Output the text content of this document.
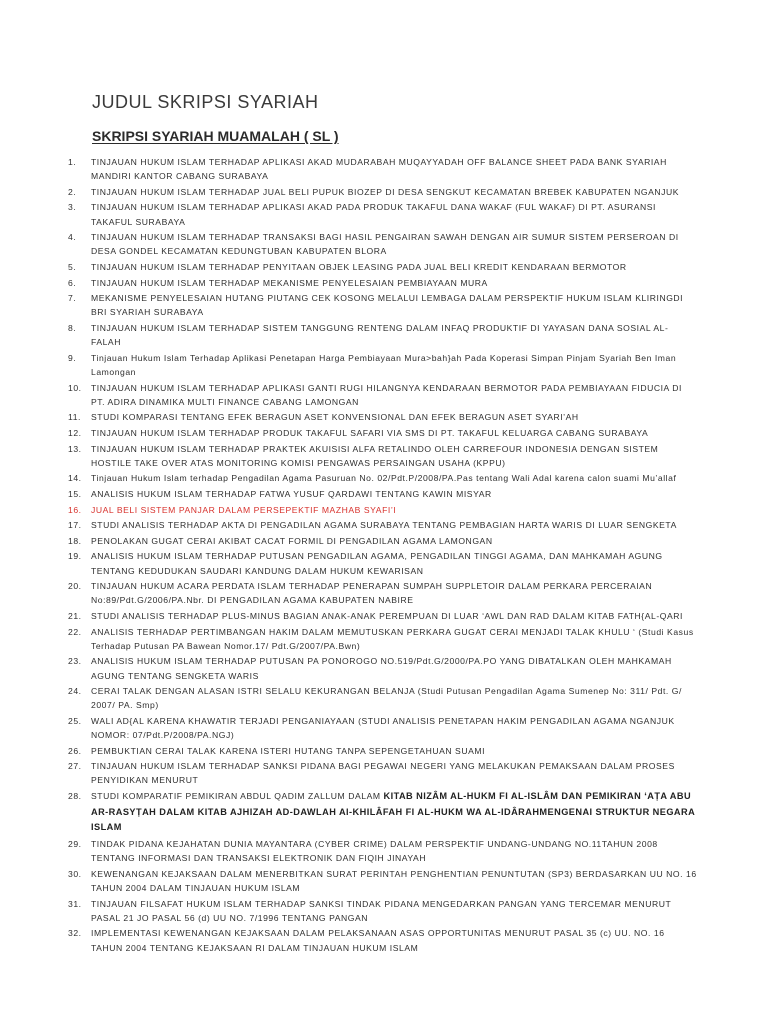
JUDUL SKRIPSI SYARIAH
SKRIPSI SYARIAH MUAMALAH ( SL )
1.	TINJAUAN HUKUM ISLAM TERHADAP APLIKASI AKAD MUDARABAH MUQAYYADAH OFF BALANCE SHEET PADA BANK SYARIAH MANDIRI KANTOR CABANG SURABAYA
2.	TINJAUAN HUKUM ISLAM TERHADAP JUAL BELI PUPUK BIOZEP DI DESA SENGKUT KECAMATAN BREBEK KABUPATEN NGANJUK
3.	TINJAUAN HUKUM ISLAM TERHADAP APLIKASI AKAD PADA PRODUK TAKAFUL DANA WAKAF (FUL WAKAF) DI PT. ASURANSI TAKAFUL SURABAYA
4.	TINJAUAN HUKUM ISLAM TERHADAP TRANSAKSI BAGI HASIL PENGAIRAN SAWAH DENGAN AIR SUMUR SISTEM PERSEROAN DI DESA GONDEL KECAMATAN KEDUNGTUBAN KABUPATEN BLORA
5.	TINJAUAN HUKUM ISLAM TERHADAP PENYITAAN OBJEK LEASING PADA JUAL BELI KREDIT KENDARAAN BERMOTOR
6.	TINJAUAN HUKUM ISLAM TERHADAP MEKANISME PENYELESAIAN PEMBIAYAAN MURA
7.	MEKANISME PENYELESAIAN HUTANG PIUTANG CEK KOSONG MELALUI LEMBAGA DALAM PERSPEKTIF HUKUM ISLAM KLIRINGDI BRI SYARIAH SURABAYA
8.	TINJAUAN HUKUM ISLAM TERHADAP SISTEM TANGGUNG RENTENG DALAM INFAQ PRODUKTIF DI YAYASAN DANA SOSIAL AL-FALAH
9.	Tinjauan Hukum Islam Terhadap Aplikasi Penetapan Harga Pembiayaan Mura>bah}ah Pada Koperasi Simpan Pinjam Syariah Ben Iman Lamongan
10.	TINJAUAN HUKUM ISLAM TERHADAP APLIKASI GANTI RUGI HILANGNYA KENDARAAN BERMOTOR PADA PEMBIAYAAN FIDUCIA DI PT. ADIRA DINAMIKA MULTI FINANCE CABANG LAMONGAN
11.	STUDI KOMPARASI TENTANG EFEK BERAGUN ASET KONVENSIONAL DAN EFEK BERAGUN ASET SYARI’AH
12.	TINJAUAN HUKUM ISLAM TERHADAP PRODUK TAKAFUL SAFARI VIA SMS DI PT. TAKAFUL KELUARGA CABANG SURABAYA
13.	TINJAUAN HUKUM ISLAM TERHADAP PRAKTEK AKUISISI ALFA RETALINDO OLEH CARREFOUR INDONESIA DENGAN SISTEM HOSTILE TAKE OVER ATAS MONITORING KOMISI PENGAWAS PERSAINGAN USAHA (KPPU)
14.	Tinjauan Hukum Islam terhadap Pengadilan Agama Pasuruan No. 02/Pdt.P/2008/PA.Pas tentang Wali Adal karena calon suami Mu’allaf
15.	ANALISIS HUKUM ISLAM TERHADAP FATWA YUSUF QARDAWI TENTANG KAWIN MISYAR
16.	JUAL BELI SISTEM PANJAR DALAM PERSEPEKTIF MAZHAB SYAFI’I
17.	STUDI ANALISIS TERHADAP AKTA DI PENGADILAN AGAMA SURABAYA TENTANG PEMBAGIAN HARTA WARIS DI LUAR SENGKETA
18.	PENOLAKAN GUGAT CERAI AKIBAT CACAT FORMIL DI PENGADILAN AGAMA LAMONGAN
19.	ANALISIS HUKUM ISLAM TERHADAP PUTUSAN PENGADILAN AGAMA, PENGADILAN TINGGI AGAMA, DAN MAHKAMAH AGUNG TENTANG KEDUDUKAN SAUDARI KANDUNG DALAM HUKUM KEWARISAN
20.	TINJAUAN HUKUM ACARA PERDATA ISLAM TERHADAP PENERAPAN SUMPAH SUPPLETOIR DALAM PERKARA PERCERAIAN No:89/Pdt.G/2006/PA.Nbr. DI PENGADILAN AGAMA KABUPATEN NABIRE
21.	STUDI ANALISIS TERHADAP PLUS-MINUS BAGIAN ANAK-ANAK PEREMPUAN DI LUAR ‘AWL DAN RAD DALAM KITAB FATH{AL-QARI
22.	ANALISIS TERHADAP PERTIMBANGAN HAKIM DALAM MEMUTUSKAN PERKARA GUGAT CERAI MENJADI TALAK KHULU ‘ (Studi Kasus Terhadap Putusan PA Bawean Nomor.17/ Pdt.G/2007/PA.Bwn)
23.	ANALISIS HUKUM ISLAM TERHADAP PUTUSAN PA PONOROGO NO.519/Pdt.G/2000/PA.PO YANG DIBATALKAN OLEH MAHKAMAH AGUNG TENTANG SENGKETA WARIS
24.	CERAI TALAK DENGAN ALASAN ISTRI SELALU KEKURANGAN BELANJA (Studi Putusan Pengadilan Agama Sumenep No: 311/ Pdt. G/ 2007/ PA. Smp)
25.	WALI AD{AL KARENA KHAWATIR TERJADI PENGANIAYAAN (STUDI ANALISIS PENETAPAN HAKIM PENGADILAN AGAMA NGANJUK NOMOR: 07/Pdt.P/2008/PA.NGJ)
26.	PEMBUKTIAN CERAI TALAK KARENA ISTERI HUTANG TANPA SEPENGETAHUAN SUAMI
27.	TINJAUAN HUKUM ISLAM TERHADAP SANKSI PIDANA BAGI PEGAWAI NEGERI YANG MELAKUKAN PEMAKSAAN DALAM PROSES PENYIDIKAN MENURUT
28.	STUDI KOMPARATIF PEMIKIRAN ABDUL QADIM ZALLUM DALAM KITAB NIZÂM AL-HUKM FI AL-ISLÂM DAN PEMIKIRAN ‘AṬA ABU AR-RASYṬAH DALAM KITAB AJHIZAH AD-DAWLAH Al-KHILÂFAH FI AL-HUKM WA AL-IDÂRAHMENGENAI STRUKTUR NEGARA ISLAM
29.	TINDAK PIDANA KEJAHATAN DUNIA MAYANTARA (CYBER CRIME) DALAM PERSPEKTIF UNDANG-UNDANG NO.11TAHUN 2008 TENTANG INFORMASI DAN TRANSAKSI ELEKTRONIK DAN FIQIH JINAYAH
30.	KEWENANGAN KEJAKSAAN DALAM MENERBITKAN SURAT PERINTAH PENGHENTIAN PENUNTUTAN (SP3) BERDASARKAN UU NO. 16 TAHUN 2004 DALAM TINJAUAN HUKUM ISLAM
31.	TINJAUAN FILSAFAT HUKUM ISLAM TERHADAP SANKSI TINDAK PIDANA MENGEDARKAN PANGAN YANG TERCEMAR MENURUT PASAL 21 JO PASAL 56 (d) UU NO. 7/1996 TENTANG PANGAN
32.	IMPLEMENTASI KEWENANGAN KEJAKSAAN DALAM PELAKSANAAN ASAS OPPORTUNITAS MENURUT PASAL 35 (c) UU. NO. 16 TAHUN 2004 TENTANG KEJAKSAAN RI DALAM TINJAUAN HUKUM ISLAM
